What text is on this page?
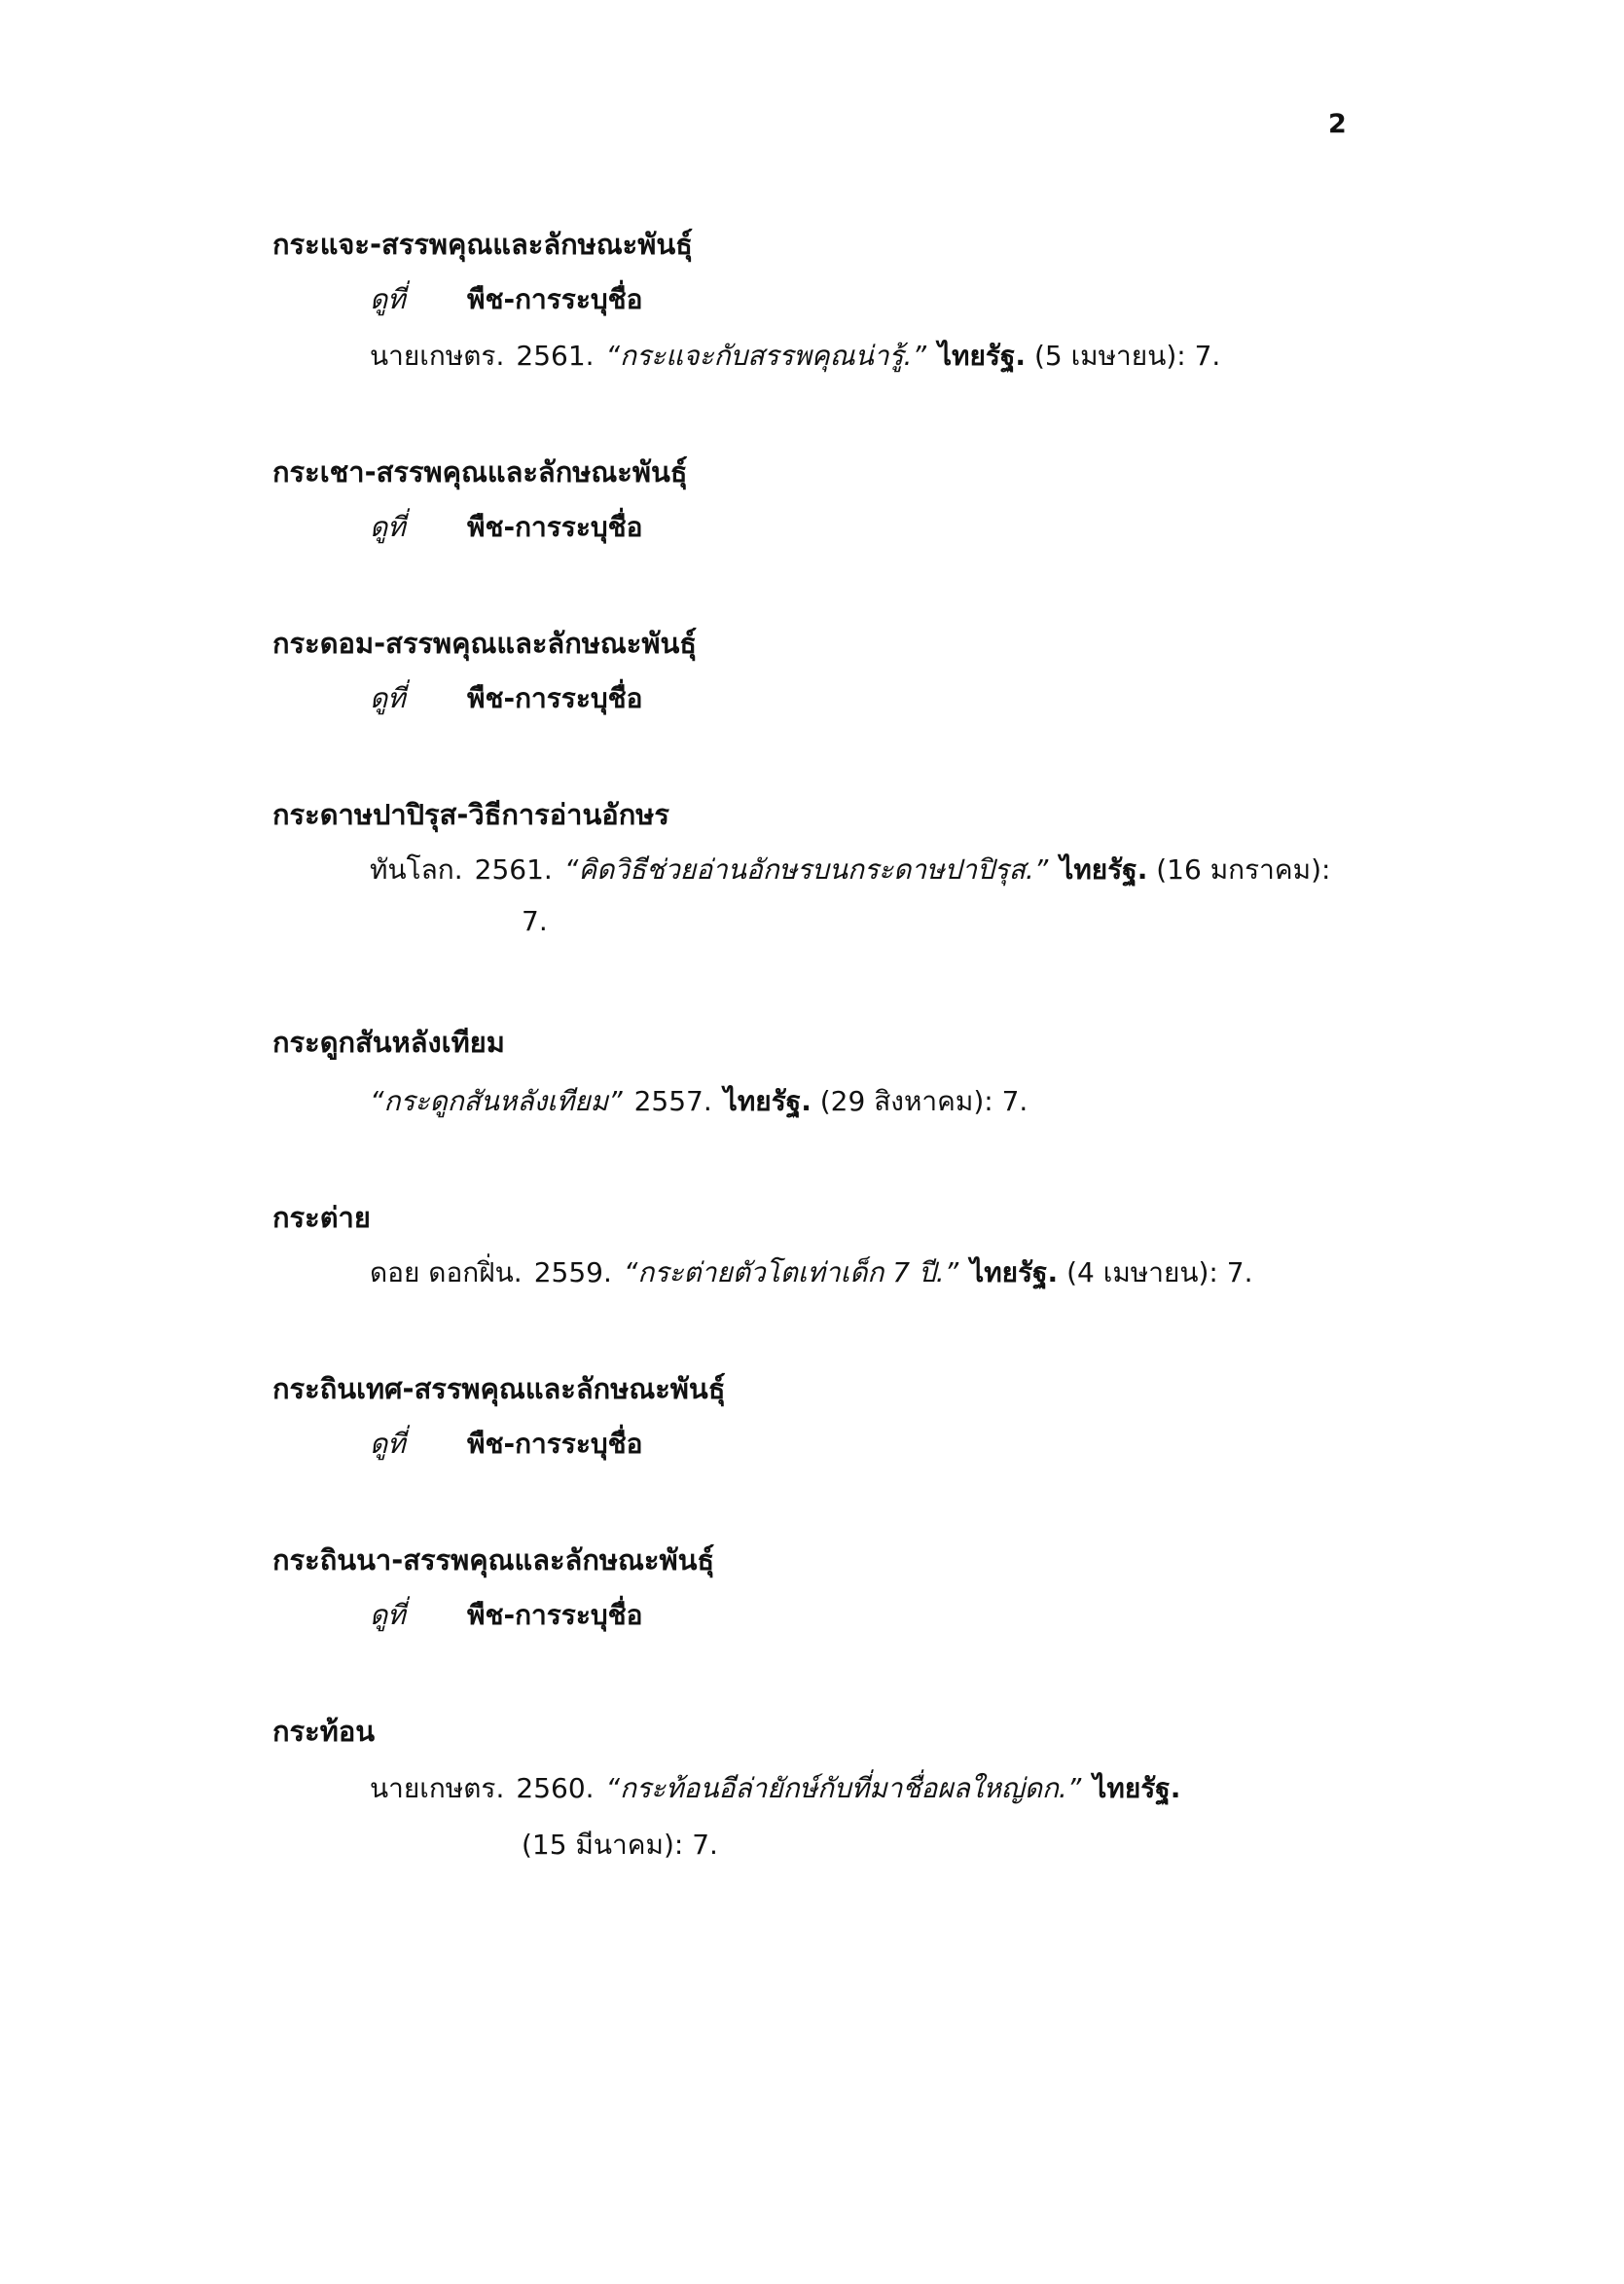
2
กระแจะ-สรรพคุณและลักษณะพันธุ์
ดูที่ พืช-การระบุชื่อ
นายเกษตร. 2561. “กระแจะกับสรรพคุณน่ารู้.” ไทยรัฐ. (5 เมษายน): 7.
กระเชา-สรรพคุณและลักษณะพันธุ์
ดูที่ พืช-การระบุชื่อ
กระดอม-สรรพคุณและลักษณะพันธุ์
ดูที่ พืช-การระบุชื่อ
กระดาษปาปิรุส-วิธีการอ่านอักษร
ทันโลก. 2561. “คิดวิธีช่วยอ่านอักษรบนกระดาษปาปิรุส.” ไทยรัฐ. (16 มกราคม):
7.
กระดูกสันหลังเทียม
“กระดูกสันหลังเทียม” 2557. ไทยรัฐ. (29 สิงหาคม): 7.
กระต่าย
ดอย ดอกฝิ่น. 2559. “กระต่ายตัวโตเท่าเด็ก 7 ปี.” ไทยรัฐ. (4 เมษายน): 7.
กระถินเทศ-สรรพคุณและลักษณะพันธุ์
ดูที่ พืช-การระบุชื่อ
กระถินนา-สรรพคุณและลักษณะพันธุ์
ดูที่ พืช-การระบุชื่อ
กระท้อน
นายเกษตร. 2560. “กระท้อนอีล่ายักษ์กับที่มาชื่อผลใหญ่ดก.” ไทยรัฐ.
(15 มีนาคม): 7.
